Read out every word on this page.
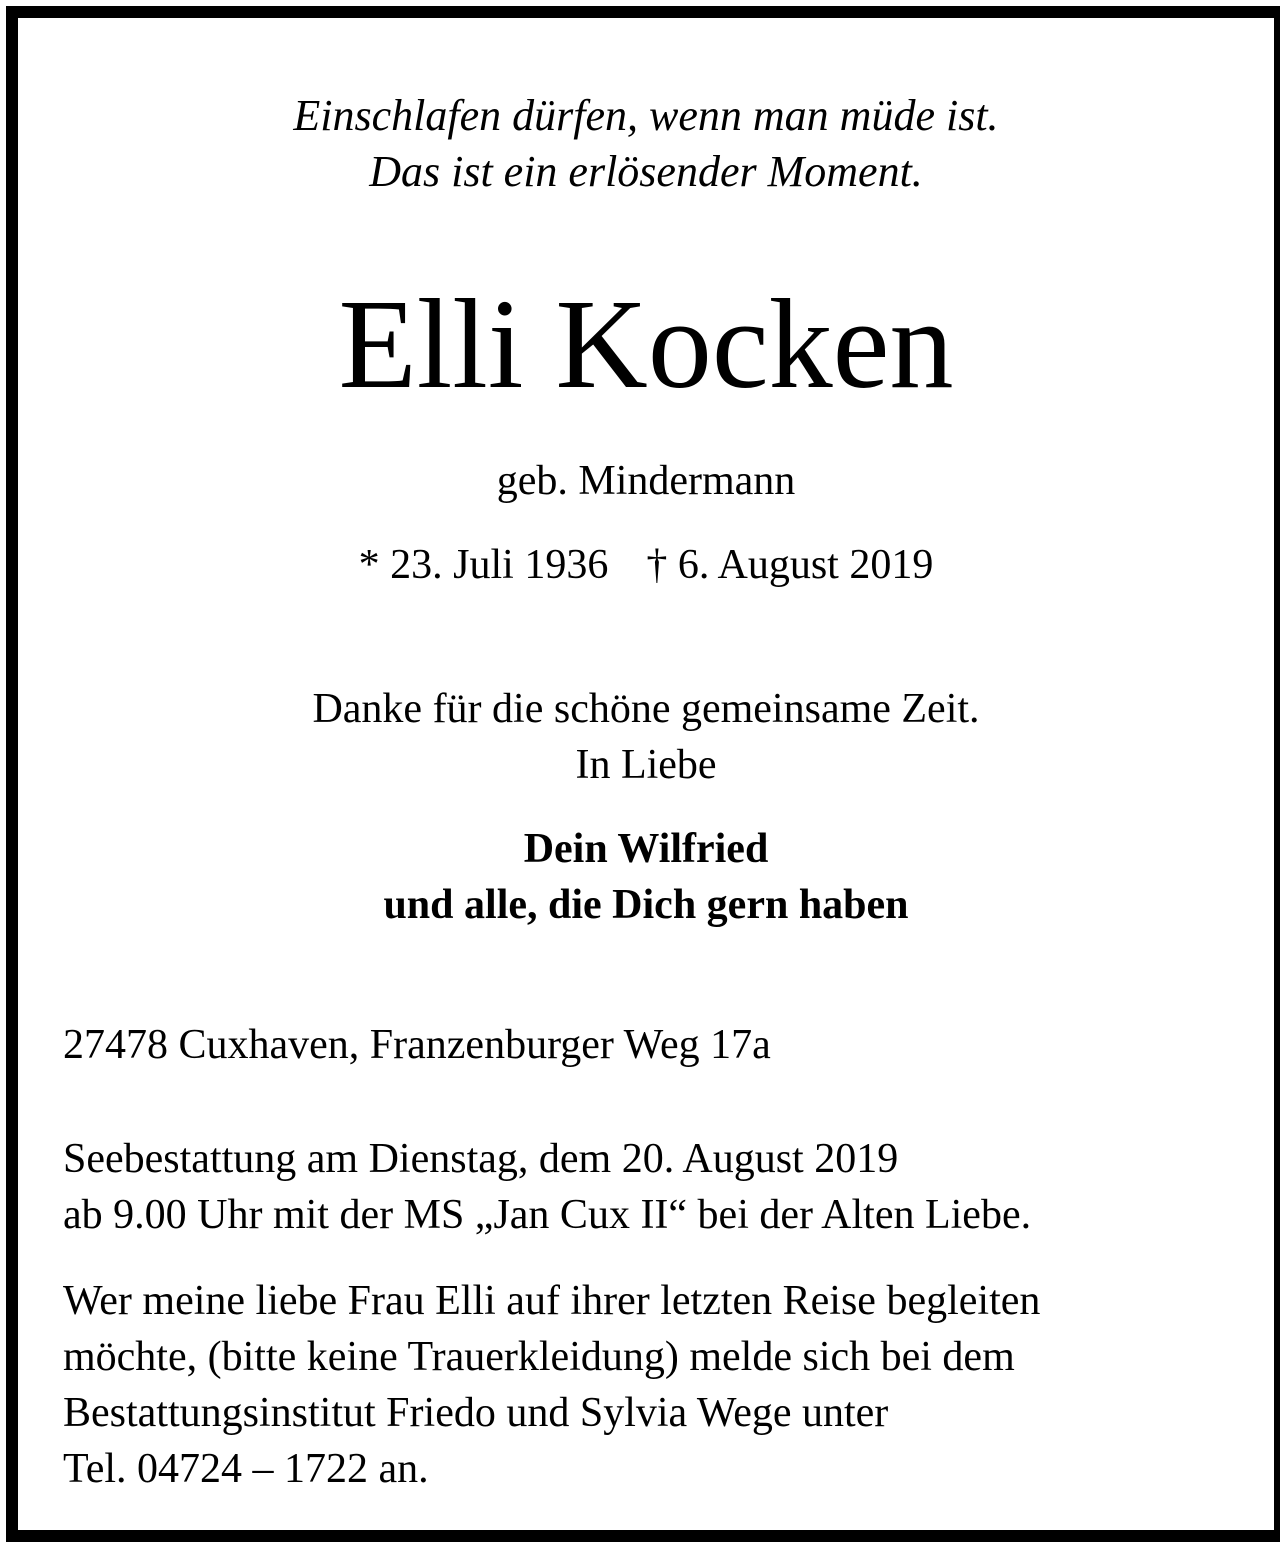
Einschlafen dürfen, wenn man müde ist.
Das ist ein erlösender Moment.
Elli Kocken
geb. Mindermann
* 23. Juli 1936 † 6. August 2019
Danke für die schöne gemeinsame Zeit.
In Liebe
Dein Wilfried
und alle, die Dich gern haben
27478 Cuxhaven, Franzenburger Weg 17a
Seebestattung am Dienstag, dem 20. August 2019
ab 9.00 Uhr mit der MS „Jan Cux II“ bei der Alten Liebe.
Wer meine liebe Frau Elli auf ihrer letzten Reise begleiten
möchte, (bitte keine Trauerkleidung) melde sich bei dem
Bestattungsinstitut Friedo und Sylvia Wege unter
Tel. 04724 – 1722 an.
